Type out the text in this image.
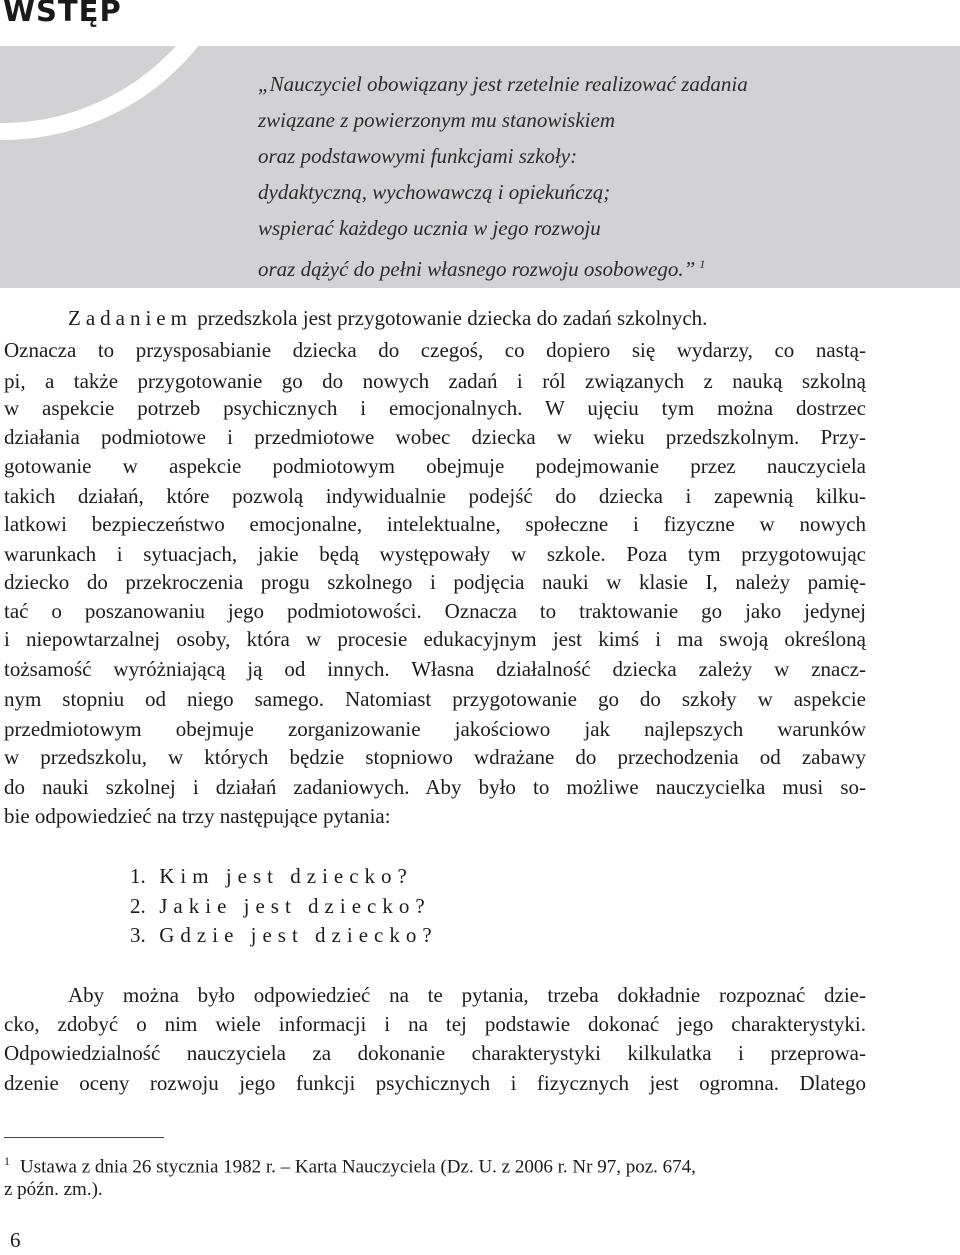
WSTĘP
„Nauczyciel obowiązany jest rzetelnie realizować zadania
związane z powierzonym mu stanowiskiem
oraz podstawowymi funkcjami szkoły:
dydaktyczną, wychowawczą i opiekuńczą;
wspierać każdego ucznia w jego rozwoju
oraz dążyć do pełni własnego rozwoju osobowego.” $^1$
Zadaniem przedszkola jest przygotowanie dziecka do zadań szkolnych.
Oznacza to przysposabianie dziecka do czegoś, co dopiero się wydarzy, co nastą-
pi, a także przygotowanie go do nowych zadań i ról związanych z nauką szkolną
w aspekcie potrzeb psychicznych i emocjonalnych. W ujęciu tym można dostrzec
działania podmiotowe i przedmiotowe wobec dziecka w wieku przedszkolnym. Przy-
gotowanie w aspekcie podmiotowym obejmuje podejmowanie przez nauczyciela
takich działań, które pozwolą indywidualnie podejść do dziecka i zapewnią kilku-
latkowi bezpieczeństwo emocjonalne, intelektualne, społeczne i fizyczne w nowych
warunkach i sytuacjach, jakie będą występowały w szkole. Poza tym przygotowując
dziecko do przekroczenia progu szkolnego i podjęcia nauki w klasie I, należy pamię-
tać o poszanowaniu jego podmiotowości. Oznacza to traktowanie go jako jedynej
i niepowtarzalnej osoby, która w procesie edukacyjnym jest kimś i ma swoją określoną
tożsamość wyróżniającą ją od innych. Własna działalność dziecka zależy w znacz-
nym stopniu od niego samego. Natomiast przygotowanie go do szkoły w aspekcie
przedmiotowym obejmuje zorganizowanie jakościowo jak najlepszych warunków
w przedszkolu, w których będzie stopniowo wdrażane do przechodzenia od zabawy
do nauki szkolnej i działań zadaniowych. Aby było to możliwe nauczycielka musi so-
bie odpowiedzieć na trzy następujące pytania:
1. Kim jest dziecko?
2. Jakie jest dziecko?
3. Gdzie jest dziecko?
Aby można było odpowiedzieć na te pytania, trzeba dokładnie rozpoznać dzie-
cko, zdobyć o nim wiele informacji i na tej podstawie dokonać jego charakterystyki.
Odpowiedzialność nauczyciela za dokonanie charakterystyki kilkulatka i przeprowa-
dzenie oceny rozwoju jego funkcji psychicznych i fizycznych jest ogromna. Dlatego
$^1$ Ustawa z dnia 26 stycznia 1982 r. – Karta Nauczyciela (Dz. U. z 2006 r. Nr 97, poz. 674,
z późn. zm.).
6
